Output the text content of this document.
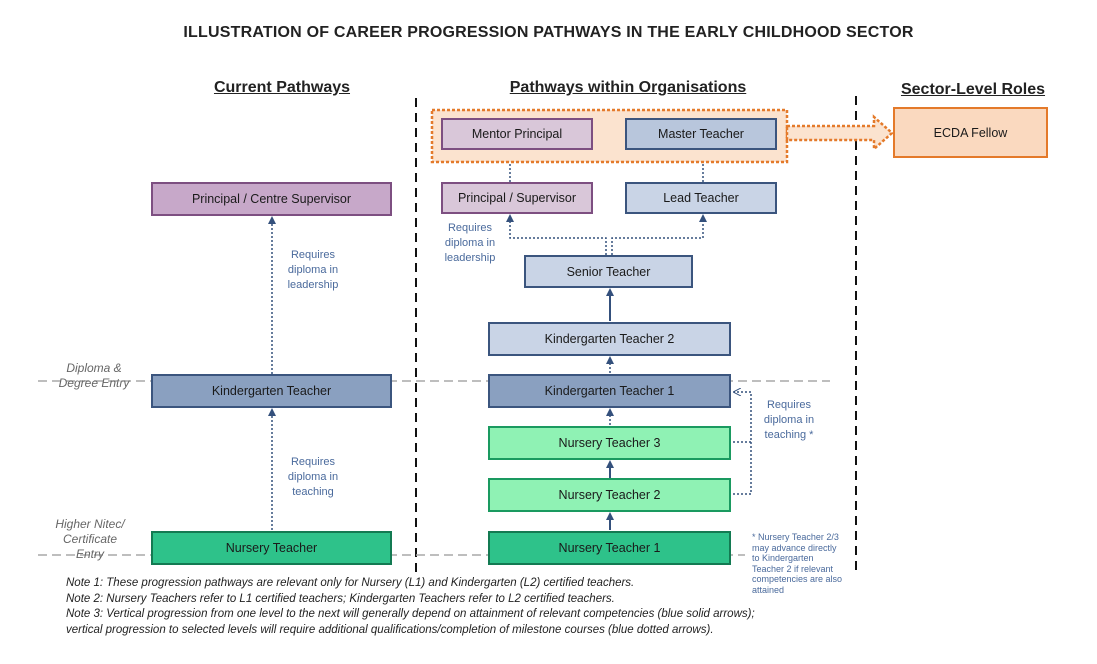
ILLUSTRATION OF CAREER PROGRESSION PATHWAYS IN THE EARLY CHILDHOOD SECTOR
Current Pathways	Pathways within Organisations	Sector-Level Roles
Principal / Centre Supervisor
Kindergarten Teacher
Nursery Teacher
Requires
diploma in
leadership
Requires
diploma in
teaching
Diploma &
Degree Entry
Higher Nitec/
Certificate
Entry
Mentor Principal	Master Teacher
Principal / Supervisor	Lead Teacher
Senior Teacher
Kindergarten Teacher 2
Kindergarten Teacher 1
Nursery Teacher 3
Nursery Teacher 2
Nursery Teacher 1
Requires
diploma in
leadership
Requires
diploma in
teaching *
ECDA Fellow
* Nursery Teacher 2/3
may advance directly
to Kindergarten
Teacher 2 if relevant
competencies are also
attained
Note 1: These progression pathways are relevant only for Nursery (L1) and Kindergarten (L2) certified teachers.
Note 2: Nursery Teachers refer to L1 certified teachers; Kindergarten Teachers refer to L2 certified teachers.
Note 3: Vertical progression from one level to the next will generally depend on attainment of relevant competencies (blue solid arrows);
vertical progression to selected levels will require additional qualifications/completion of milestone courses (blue dotted arrows).
